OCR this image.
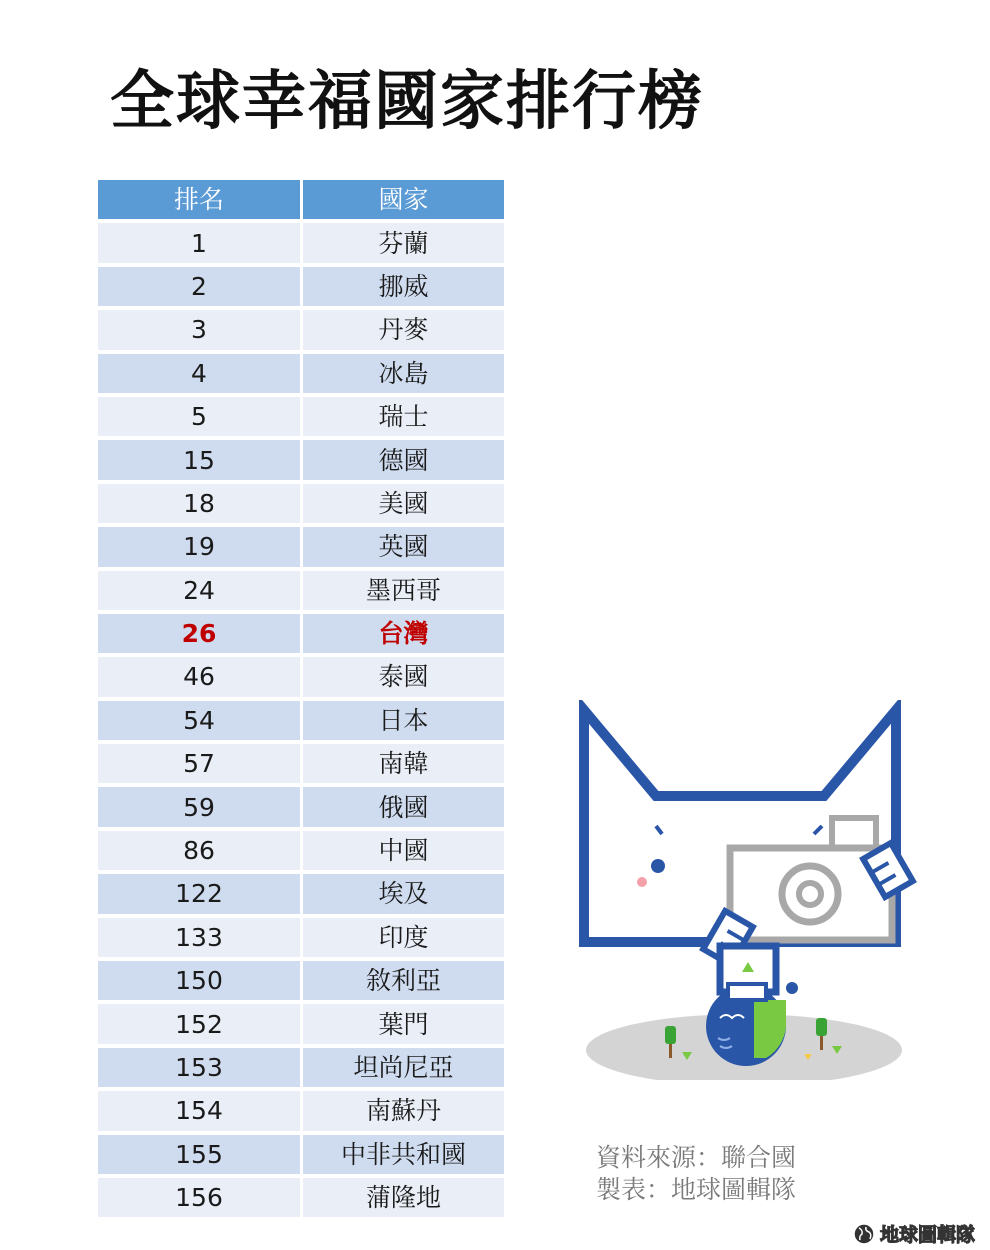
全球幸福國家排行榜
排名	國家
1	芬蘭
2	挪威
3	丹麥
4	冰島
5	瑞士
15	德國
18	美國
19	英國
24	墨西哥
26	台灣
46	泰國
54	日本
57	南韓
59	俄國
86	中國
122	埃及
133	印度
150	敘利亞
152	葉門
153	坦尚尼亞
154	南蘇丹
155	中非共和國
156	蒲隆地
資料來源：聯合國
製表：地球圖輯隊
地球圖輯隊
